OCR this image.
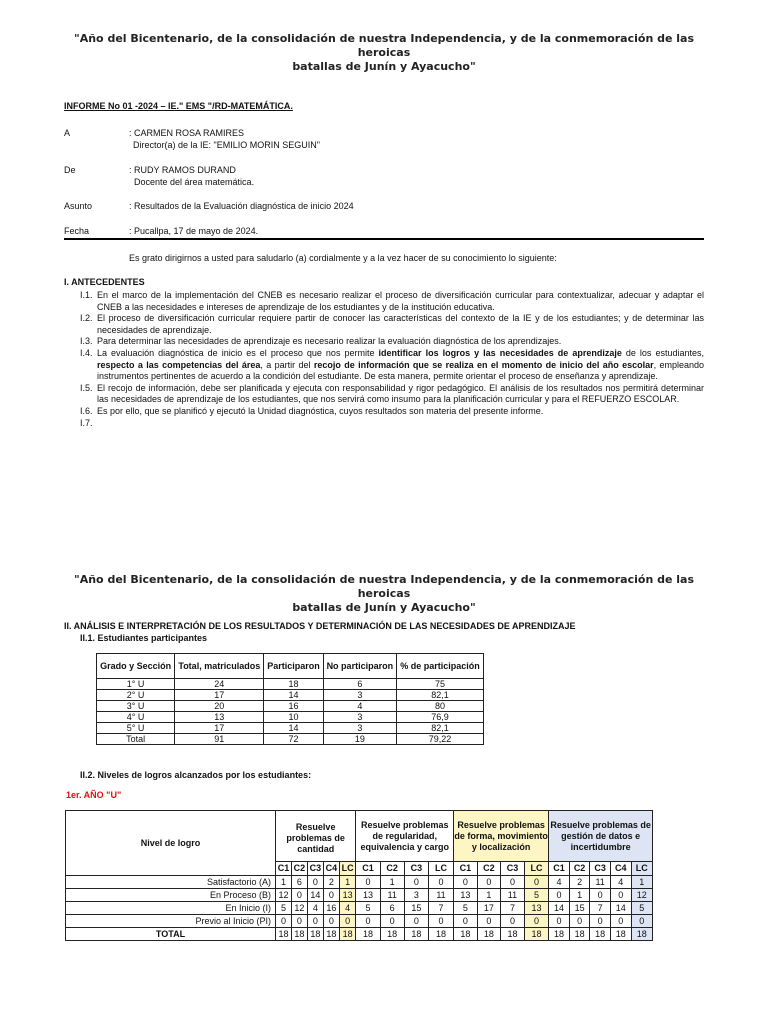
"Año del Bicentenario, de la consolidación de nuestra Independencia, y de la conmemoración de las heroicas
batallas de Junín y Ayacucho"
INFORME No 01 -2024 – IE." EMS "/RD-MATEMÁTICA.
A	: CARMEN ROSA RAMIRES
Director(a) de la IE: "EMILIO MORIN SEGUIN"
De	: RUDY RAMOS DURAND
Docente del área matemática.
Asunto	: Resultados de la Evaluación diagnóstica de inicio 2024
Fecha	: Pucallpa, 17 de mayo de 2024.
Es grato dirigirnos a usted para saludarlo (a) cordialmente y a la vez hacer de su conocimiento lo siguiente:
I. ANTECEDENTES

I.1. En el marco de la implementación del CNEB es necesario realizar el proceso de diversificación curricular para contextualizar, adecuar y adaptar el CNEB a las necesidades e intereses de aprendizaje de los estudiantes y de la institución educativa.

I.2. El proceso de diversificación curricular requiere partir de conocer las características del contexto de la IE y de los estudiantes; y de determinar las necesidades de aprendizaje.

I.3. Para determinar las necesidades de aprendizaje es necesario realizar la evaluación diagnóstica de los aprendizajes.

I.4. La evaluación diagnóstica de inicio es el proceso que nos permite identificar los logros y las necesidades de aprendizaje de los estudiantes, respecto a las competencias del área, a partir del recojo de información que se realiza en el momento de inicio del año escolar, empleando instrumentos pertinentes de acuerdo a la condición del estudiante. De esta manera, permite orientar el proceso de enseñanza y aprendizaje.

I.5. El recojo de información, debe ser planificada y ejecuta con responsabilidad y rigor pedagógico. El análisis de los resultados nos permitirá determinar las necesidades de aprendizaje de los estudiantes, que nos servirá como insumo para la planificación curricular y para el REFUERZO ESCOLAR.

I.6. Es por ello, que se planificó y ejecutó la Unidad diagnóstica, cuyos resultados son materia del presente informe.

I.7.

"Año del Bicentenario, de la consolidación de nuestra Independencia, y de la conmemoración de las heroicas
batallas de Junín y Ayacucho"
II. ANÁLISIS E INTERPRETACIÓN DE LOS RESULTADOS Y DETERMINACIÓN DE LAS NECESIDADES DE APRENDIZAJE
II.1. Estudiantes participantes
Grado y Sección	Total, matriculados	Participaron	No participaron	% de participación
1° U	24	18	6	75
2° U	17	14	3	82,1
3° U	20	16	4	80
4° U	13	10	3	76,9
5° U	17	14	3	82,1
Total	91	72	19	79,22
II.2. Niveles de logros alcanzados por los estudiantes:
1er. AÑO "U"
Nivel de logro	Resuelve problemas de cantidad					Resuelve problemas de regularidad, equivalencia y cargo				Resuelve problemas de forma, movimiento y localización				Resuelve problemas de gestión de datos e incertidumbre				
	C1	C2	C3	C4	LC	C1	C2	C3	LC	C1	C2	C3	LC	C1	C2	C3	C4	LC
Satisfactorio (A)	1	6	0	2	1	0	1	0	0	0	0	0	0	4	2	11	4	1
En Proceso (B)	12	0	14	0	13	13	11	3	11	13	1	11	5	0	1	0	0	12
En Inicio (I)	5	12	4	16	4	5	6	15	7	5	17	7	13	14	15	7	14	5
Previo al Inicio (PI)	0	0	0	0	0	0	0	0	0	0	0	0	0	0	0	0	0	0
TOTAL	18	18	18	18	18	18	18	18	18	18	18	18	18	18	18	18	18	18
